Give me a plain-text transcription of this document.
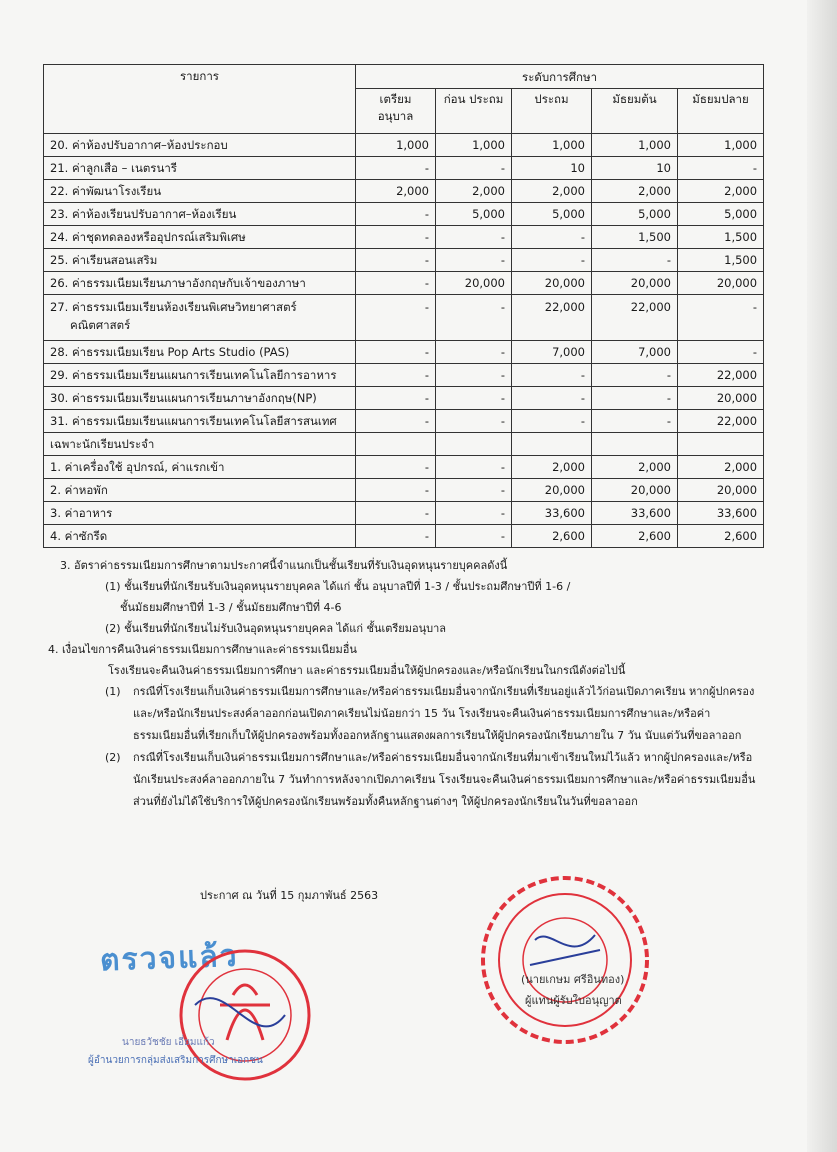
รายการ	ระดับการศึกษา				
	เตรียม อนุบาล	ก่อน ประถม	ประถม	มัธยมต้น	มัธยมปลาย
20. ค่าห้องปรับอากาศ–ห้องประกอบ	1,000	1,000	1,000	1,000	1,000
21. ค่าลูกเสือ – เนตรนารี	-	-	10	10	-
22. ค่าพัฒนาโรงเรียน	2,000	2,000	2,000	2,000	2,000
23. ค่าห้องเรียนปรับอากาศ–ห้องเรียน	-	5,000	5,000	5,000	5,000
24. ค่าชุดทดลองหรืออุปกรณ์เสริมพิเศษ	-	-	-	1,500	1,500
25. ค่าเรียนสอนเสริม	-	-	-	-	1,500
26. ค่าธรรมเนียมเรียนภาษาอังกฤษกับเจ้าของภาษา	-	20,000	20,000	20,000	20,000
27. ค่าธรรมเนียมเรียนห้องเรียนพิเศษวิทยาศาสตร์
คณิตศาสตร์	-	-	22,000	22,000	-
28. ค่าธรรมเนียมเรียน Pop Arts Studio (PAS)	-	-	7,000	7,000	-
29. ค่าธรรมเนียมเรียนแผนการเรียนเทคโนโลยีการอาหาร	-	-	-	-	22,000
30. ค่าธรรมเนียมเรียนแผนการเรียนภาษาอังกฤษ(NP)	-	-	-	-	20,000
31. ค่าธรรมเนียมเรียนแผนการเรียนเทคโนโลยีสารสนเทศ	-	-	-	-	22,000
เฉพาะนักเรียนประจำ					
1. ค่าเครื่องใช้ อุปกรณ์, ค่าแรกเข้า	-	-	2,000	2,000	2,000
2. ค่าหอพัก	-	-	20,000	20,000	20,000
3. ค่าอาหาร	-	-	33,600	33,600	33,600
4. ค่าซักรีด	-	-	2,600	2,600	2,600

3. อัตราค่าธรรมเนียมการศึกษาตามประกาศนี้จำแนกเป็นชั้นเรียนที่รับเงินอุดหนุนรายบุคคลดังนี้

(1) ชั้นเรียนที่นักเรียนรับเงินอุดหนุนรายบุคคล ได้แก่ ชั้น อนุบาลปีที่ 1-3 / ชั้นประถมศึกษาปีที่ 1-6 /

ชั้นมัธยมศึกษาปีที่ 1-3 / ชั้นมัธยมศึกษาปีที่ 4-6

(2) ชั้นเรียนที่นักเรียนไม่รับเงินอุดหนุนรายบุคคล ได้แก่ ชั้นเตรียมอนุบาล

4. เงื่อนไขการคืนเงินค่าธรรมเนียมการศึกษาและค่าธรรมเนียมอื่น

โรงเรียนจะคืนเงินค่าธรรมเนียมการศึกษา และค่าธรรมเนียมอื่นให้ผู้ปกครองและ/หรือนักเรียนในกรณีดังต่อไปนี้

(1)	กรณีที่โรงเรียนเก็บเงินค่าธรรมเนียมการศึกษาและ/หรือค่าธรรมเนียมอื่นจากนักเรียนที่เรียนอยู่แล้วไว้ก่อนเปิดภาคเรียน หากผู้ปกครองและ/หรือนักเรียนประสงค์ลาออกก่อนเปิดภาคเรียนไม่น้อยกว่า 15 วัน โรงเรียนจะคืนเงินค่าธรรมเนียมการศึกษาและ/หรือค่าธรรมเนียมอื่นที่เรียกเก็บให้ผู้ปกครองพร้อมทั้งออกหลักฐานแสดงผลการเรียนให้ผู้ปกครองนักเรียนภายใน 7 วัน นับแต่วันที่ขอลาออก
(2)	กรณีที่โรงเรียนเก็บเงินค่าธรรมเนียมการศึกษาและ/หรือค่าธรรมเนียมอื่นจากนักเรียนที่มาเข้าเรียนใหม่ไว้แล้ว หากผู้ปกครองและ/หรือนักเรียนประสงค์ลาออกภายใน 7 วันทำการหลังจากเปิดภาคเรียน โรงเรียนจะคืนเงินค่าธรรมเนียมการศึกษาและ/หรือค่าธรรมเนียมอื่นส่วนที่ยังไม่ได้ใช้บริการให้ผู้ปกครองนักเรียนพร้อมทั้งคืนหลักฐานต่างๆ ให้ผู้ปกครองนักเรียนในวันที่ขอลาออก
ประกาศ ณ วันที่ 15 กุมภาพันธ์ 2563
ตรวจแล้ว
นายธวัชชัย เอี่ยมแก้ว
ผู้อำนวยการกลุ่มส่งเสริมการศึกษาเอกชน
(นายเกษม ศรีอินทอง)
ผู้แทนผู้รับใบอนุญาต
